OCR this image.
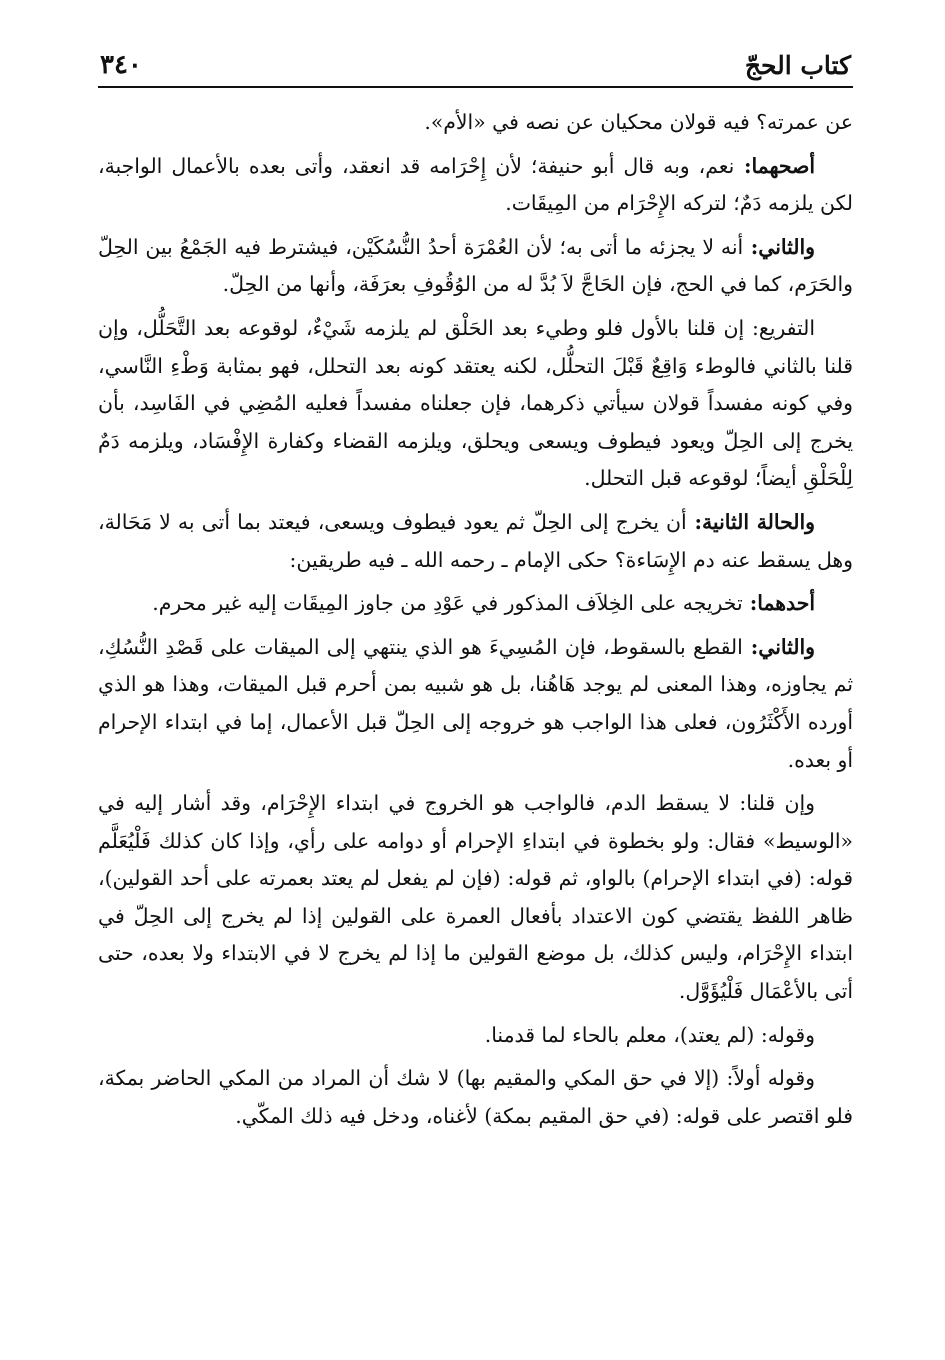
كتاب الحجّ
٣٤٠

عن عمرته؟ فيه قولان محكيان عن نصه في «الأم».

أصحهما: نعم، وبه قال أبو حنيفة؛ لأن إِحْرَامه قد انعقد، وأتى بعده بالأعمال الواجبة، لكن يلزمه دَمٌ؛ لتركه الإِحْرَام من المِيقَات.

والثاني: أنه لا يجزئه ما أتى به؛ لأن العُمْرَة أحدُ النُّسُكَيْن، فيشترط فيه الجَمْعُ بين الحِلّ والحَرَم، كما في الحج، فإن الحَاجَّ لاَ بُدَّ له من الوُقُوفِ بعرَفَة، وأنها من الحِلّ.

التفريع: إن قلنا بالأول فلو وطيء بعد الحَلْق لم يلزمه شَيْءٌ، لوقوعه بعد التَّحَلُّل، وإن قلنا بالثاني فالوطء وَاقِعٌ قَبْلَ التحلُّل، لكنه يعتقد كونه بعد التحلل، فهو بمثابة وَطْءِ النَّاسي، وفي كونه مفسداً قولان سيأتي ذكرهما، فإن جعلناه مفسداً فعليه المُضِي في الفَاسِد، بأن يخرج إلى الحِلّ ويعود فيطوف ويسعى ويحلق، ويلزمه القضاء وكفارة الإِفْسَاد، ويلزمه دَمٌ لِلْحَلْقِ أيضاً؛ لوقوعه قبل التحلل.

والحالة الثانية: أن يخرج إلى الحِلّ ثم يعود فيطوف ويسعى، فيعتد بما أتى به لا مَحَالة، وهل يسقط عنه دم الإِسَاءة؟ حكى الإمام ـ رحمه الله ـ فيه طريقين:

أحدهما: تخريجه على الخِلاَف المذكور في عَوْدِ من جاوز المِيقَات إليه غير محرم.

والثاني: القطع بالسقوط، فإن المُسِيءَ هو الذي ينتهي إلى الميقات على قَصْدِ النُّسُكِ، ثم يجاوزه، وهذا المعنى لم يوجد هَاهُنا، بل هو شبيه بمن أحرم قبل الميقات، وهذا هو الذي أورده الأَكْثَرُون، فعلى هذا الواجب هو خروجه إلى الحِلّ قبل الأعمال، إما في ابتداء الإحرام أو بعده.

وإن قلنا: لا يسقط الدم، فالواجب هو الخروج في ابتداء الإِحْرَام، وقد أشار إليه في «الوسيط» فقال: ولو بخطوة في ابتداءِ الإحرام أو دوامه على رأي، وإذا كان كذلك فَلْيُعَلَّم قوله: (في ابتداء الإحرام) بالواو، ثم قوله: (فإن لم يفعل لم يعتد بعمرته على أحد القولين)، ظاهر اللفظ يقتضي كون الاعتداد بأفعال العمرة على القولين إذا لم يخرج إلى الحِلّ في ابتداء الإِحْرَام، وليس كذلك، بل موضع القولين ما إذا لم يخرج لا في الابتداء ولا بعده، حتى أتى بالأعْمَال فَلْيُؤَوَّل.

وقوله: (لم يعتد)، معلم بالحاء لما قدمنا.

وقوله أولاً: (إلا في حق المكي والمقيم بها) لا شك أن المراد من المكي الحاضر بمكة، فلو اقتصر على قوله: (في حق المقيم بمكة) لأغناه، ودخل فيه ذلك المكّي.
